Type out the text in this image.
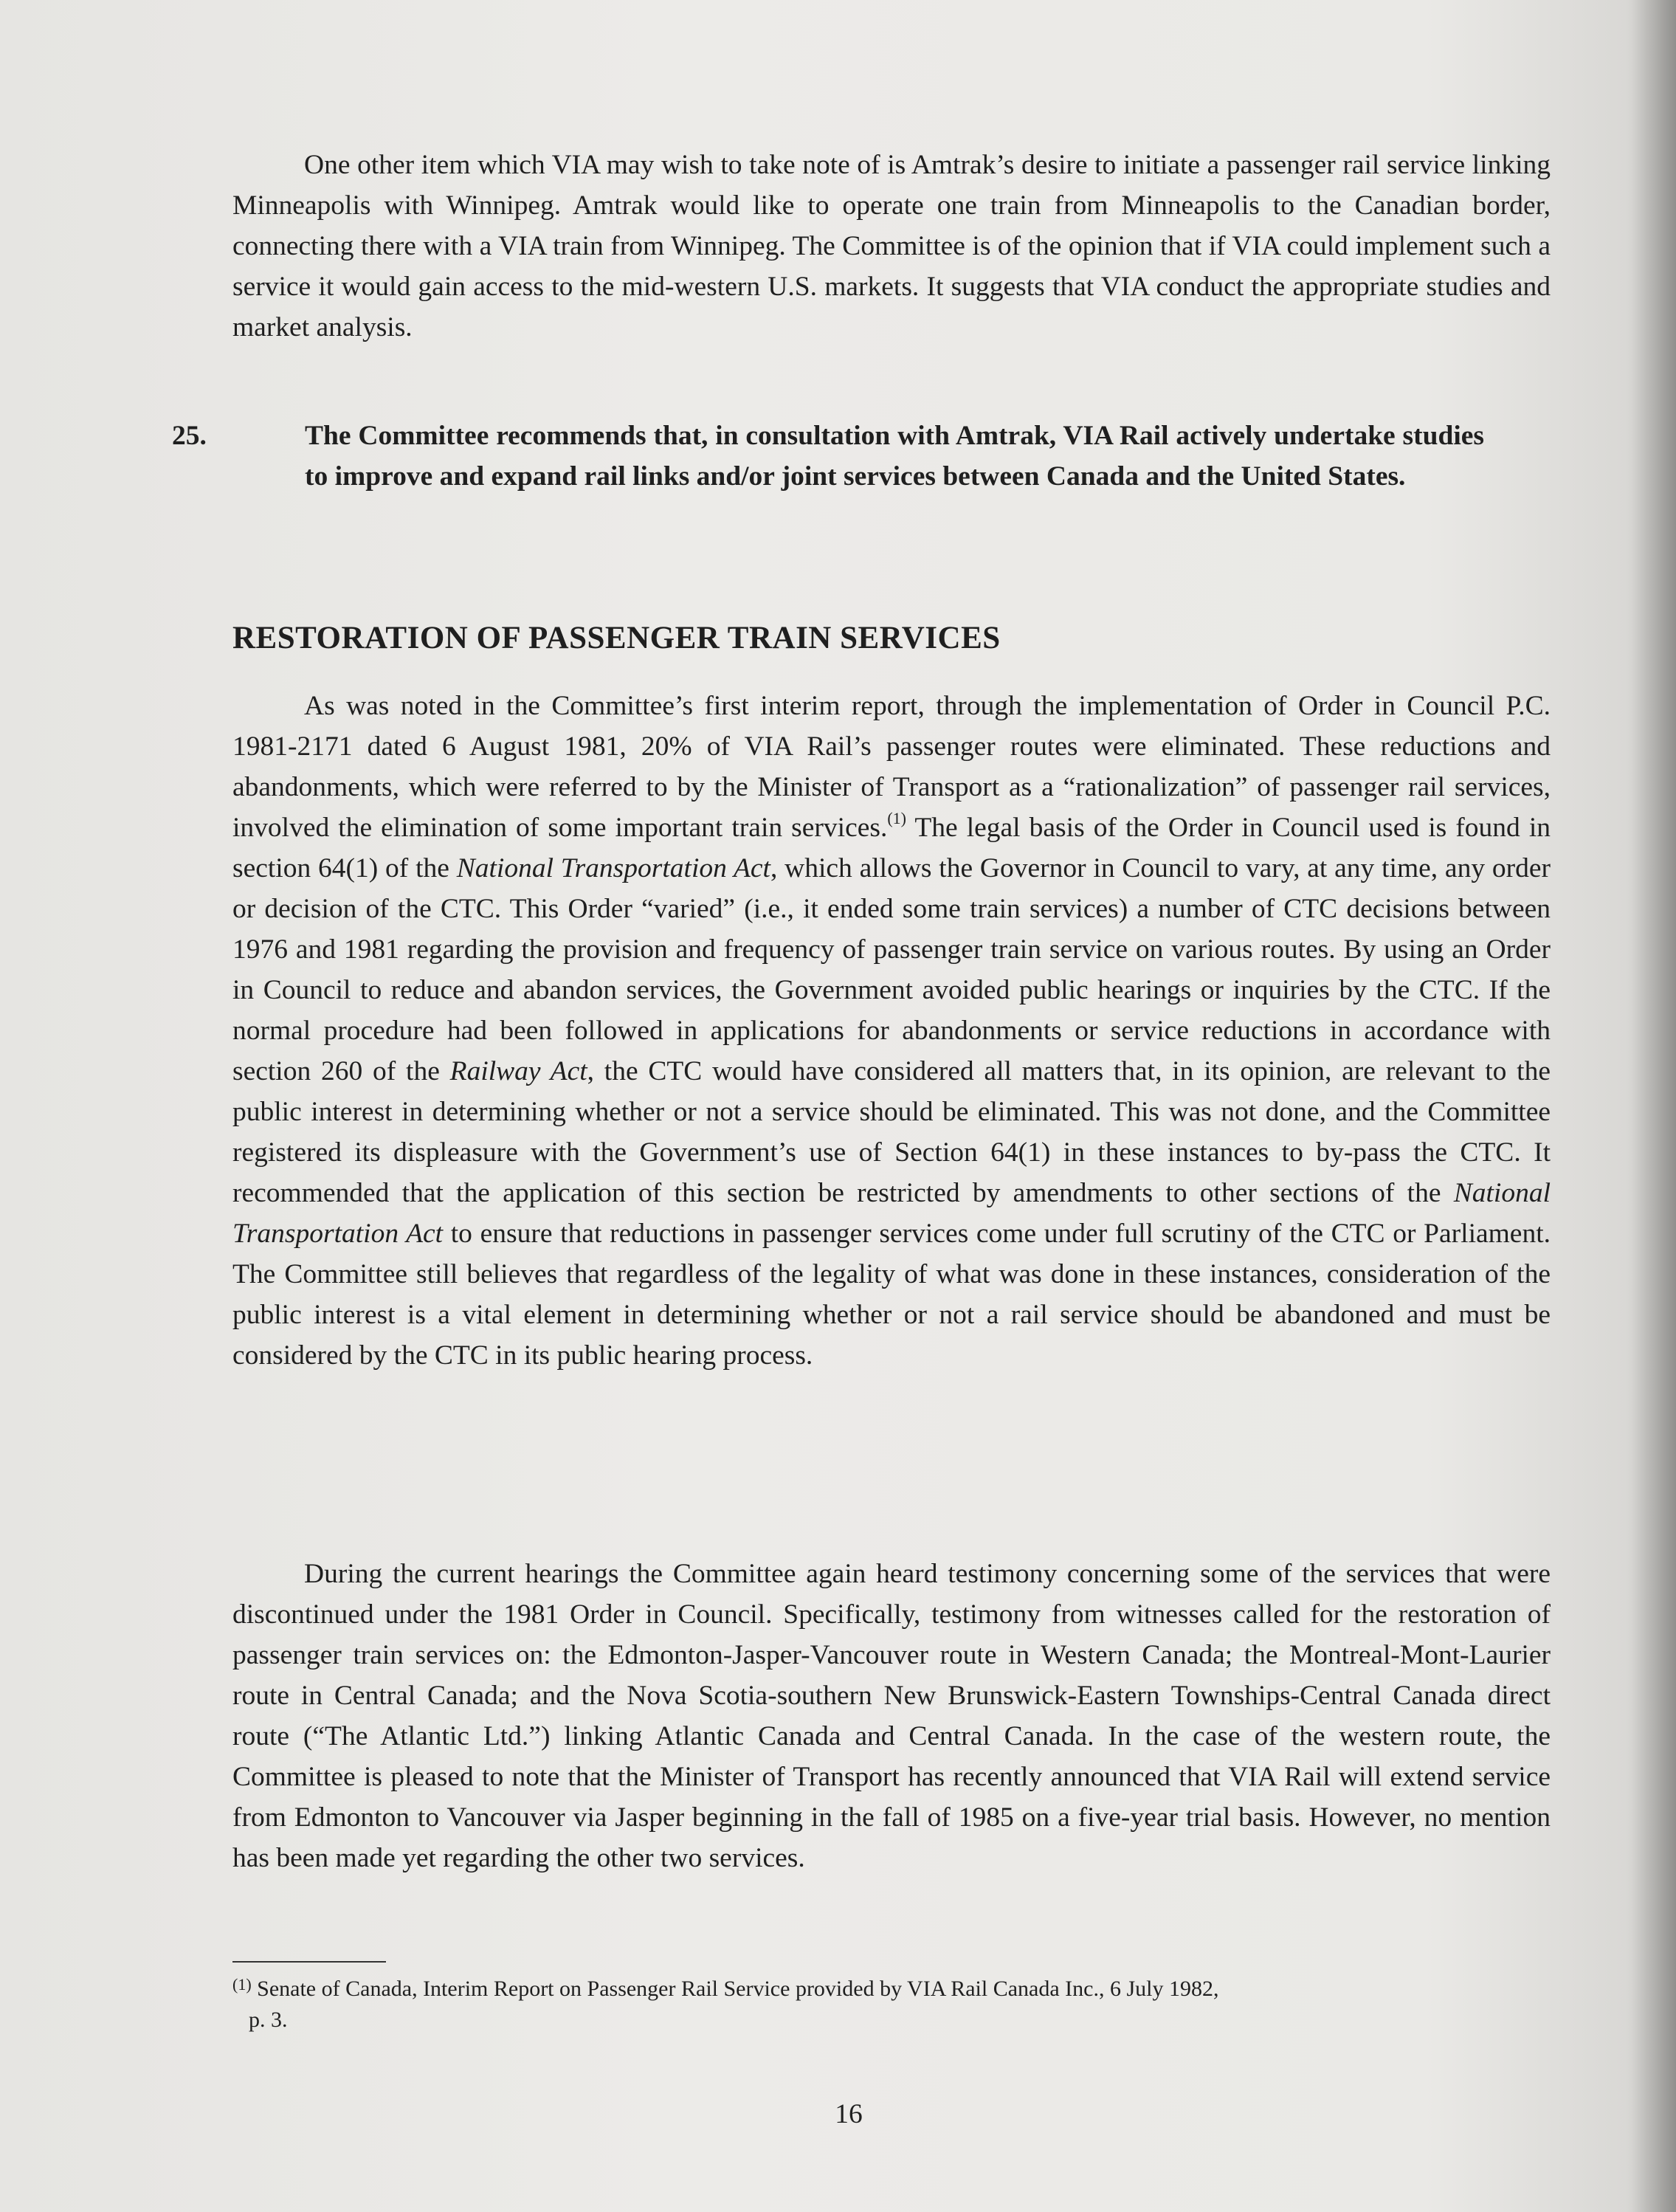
One other item which VIA may wish to take note of is Amtrak’s desire to initiate a passenger rail service linking Minneapolis with Winnipeg. Amtrak would like to operate one train from Minneapolis to the Canadian border, connecting there with a VIA train from Winnipeg. The Committee is of the opinion that if VIA could implement such a service it would gain access to the mid-western U.S. markets. It suggests that VIA conduct the appropriate studies and market analysis.

25.	The Committee recommends that, in consultation with Amtrak, VIA Rail actively undertake studies to improve and expand rail links and/or joint services between Canada and the United States.
RESTORATION OF PASSENGER TRAIN SERVICES

As was noted in the Committee’s first interim report, through the implementation of Order in Council P.C. 1981-2171 dated 6 August 1981, 20% of VIA Rail’s passenger routes were eliminated. These reductions and abandonments, which were referred to by the Minister of Transport as a “rationalization” of passenger rail services, involved the elimination of some important train services.$^{(1)}$ The legal basis of the Order in Council used is found in section 64(1) of the National Transportation Act, which allows the Governor in Council to vary, at any time, any order or decision of the CTC. This Order “varied” (i.e., it ended some train services) a number of CTC decisions between 1976 and 1981 regarding the provision and frequency of passenger train service on various routes. By using an Order in Council to reduce and abandon services, the Government avoided public hearings or inquiries by the CTC. If the normal procedure had been followed in applications for abandonments or service reductions in accordance with section 260 of the Railway Act, the CTC would have considered all matters that, in its opinion, are relevant to the public interest in determining whether or not a service should be eliminated. This was not done, and the Committee registered its displeasure with the Government’s use of Section 64(1) in these instances to by-pass the CTC. It recommended that the application of this section be restricted by amendments to other sections of the National Transportation Act to ensure that reductions in passenger services come under full scrutiny of the CTC or Parliament. The Committee still believes that regardless of the legality of what was done in these instances, consideration of the public interest is a vital element in determining whether or not a rail service should be abandoned and must be considered by the CTC in its public hearing process.

During the current hearings the Committee again heard testimony concerning some of the services that were discontinued under the 1981 Order in Council. Specifically, testimony from witnesses called for the restoration of passenger train services on: the Edmonton-Jasper-Vancouver route in Western Canada; the Montreal-Mont-Laurier route in Central Canada; and the Nova Scotia-southern New Brunswick-Eastern Townships-Central Canada direct route (“The Atlantic Ltd.”) linking Atlantic Canada and Central Canada. In the case of the western route, the Committee is pleased to note that the Minister of Transport has recently announced that VIA Rail will extend service from Edmonton to Vancouver via Jasper beginning in the fall of 1985 on a five-year trial basis. However, no mention has been made yet regarding the other two services.

$^{(1)}$ Senate of Canada, Interim Report on Passenger Rail Service provided by VIA Rail Canada Inc., 6 July 1982,
p. 3.
16
